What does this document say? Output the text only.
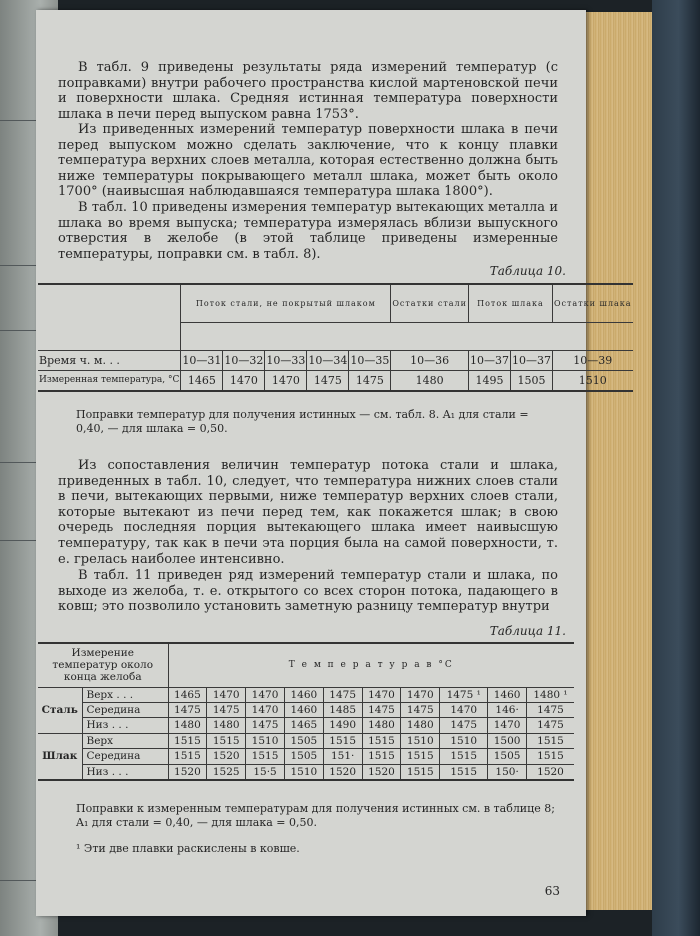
В табл. 9 приведены результаты ряда измерений температур (с поправками) внутри рабочего пространства кислой мартеновской печи и поверхности шлака. Средняя истинная температура поверхности шлака в печи перед выпуском равна 1753°.

Из приведенных измерений температур поверхности шлака в печи перед выпуском можно сделать заключение, что к концу плавки температура верхних слоев металла, которая естественно должна быть ниже температуры покрывающего металл шлака, может быть около 1700° (наивысшая наблюдавшаяся температура шлака 1800°).

В табл. 10 приведены измерения температур вытекающих металла и шлака во время выпуска; температура измерялась вблизи выпускного отверстия в желобе (в этой таблице приведены измеренные температуры, поправки см. в табл. 8).

Таблица 10.

	Поток стали, не покрытый шлаком					Остатки стали	Поток шлака		Остатки шлака

Время ч. м. . .	10—31	10—32	10—33	10—34	10—35	10—36	10—37	10—37	10—39
Измеренная температура, °C	1465	1470	1470	1475	1475	1480	1495	1505	1510

Поправки температур для получения истинных — см. табл. 8. A₁ для стали = 0,40, — для шлака = 0,50.

Из сопоставления величин температур потока стали и шлака, приведенных в табл. 10, следует, что температура нижних слоев стали в печи, вытекающих первыми, ниже температур верхних слоев стали, которые вытекают из печи перед тем, как покажется шлак; в свою очередь последняя порция вытекающего шлака имеет наивысшую температуру, так как в печи эта порция была на самой поверхности, т. е. грелась наиболее интенсивно.

В табл. 11 приведен ряд измерений температур стали и шлака, по выходе из желоба, т. е. открытого со всех сторон потока, падающего в ковш; это позволило установить заметную разницу температур внутри

Таблица 11.

Измерение температур около конца желоба		Т е м п е р а т у р а в °C									
Сталь	Верх . . .	1465	1470	1470	1460	1475	1470	1470	1475 ¹	1460	1480 ¹
	Середина	1475	1475	1470	1460	1485	1475	1475	1470	146·	1475
	Низ . . .	1480	1480	1475	1465	1490	1480	1480	1475	1470	1475
Шлак	Верх	1515	1515	1510	1505	1515	1515	1510	1510	1500	1515
	Середина	1515	1520	1515	1505	151·	1515	1515	1515	1505	1515
	Низ . . .	1520	1525	15·5	1510	1520	1520	1515	1515	150·	1520

Поправки к измеренным температурам для получения истинных см. в таблице 8; A₁ для стали = 0,40, — для шлака = 0,50.

¹ Эти две плавки раскислены в ковше.

63
